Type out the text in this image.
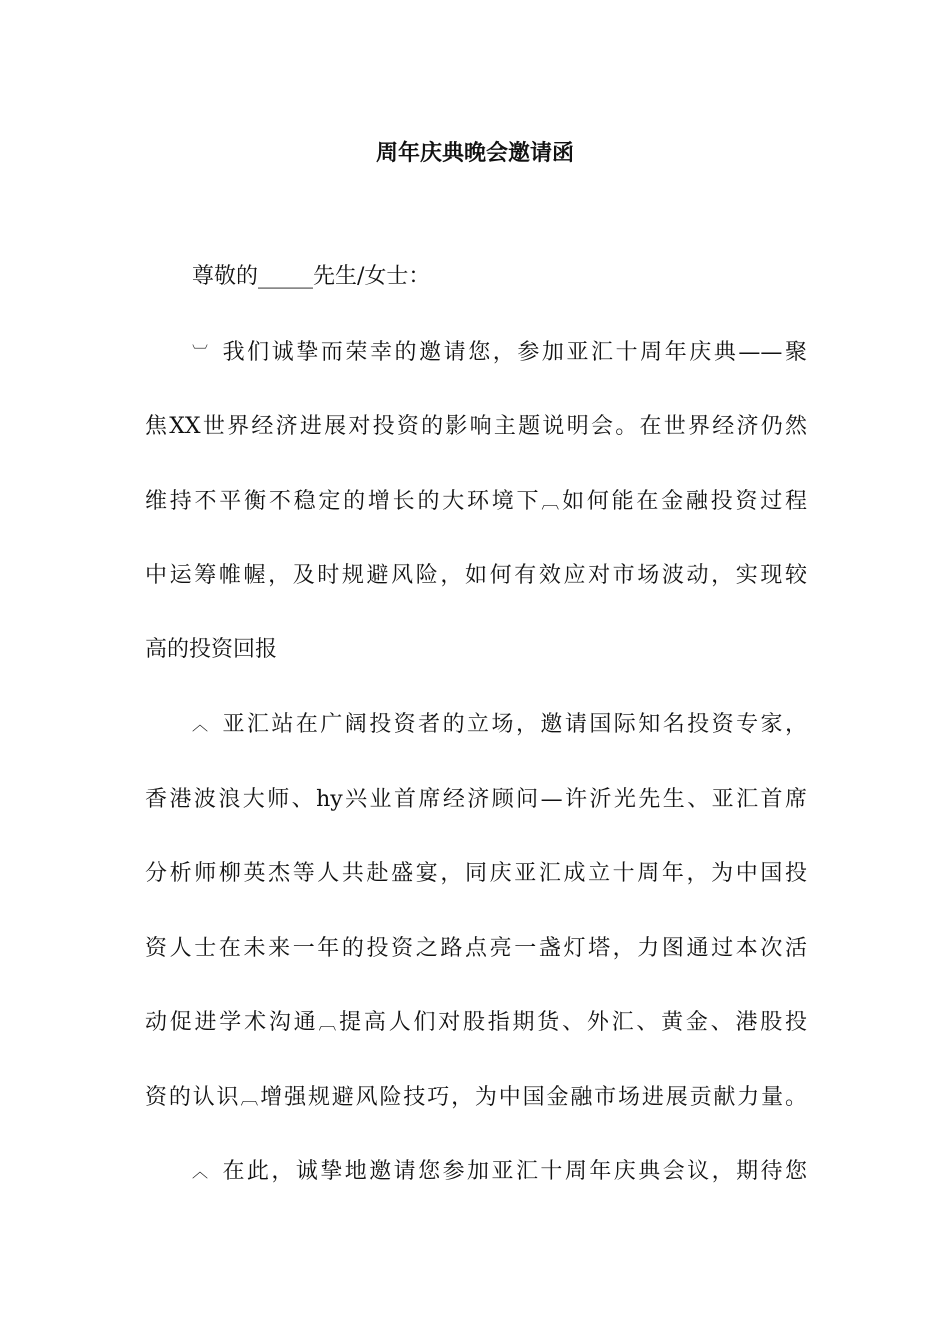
周年庆典晚会邀请函
尊敬的_____先生/女士：
︺ 我们诚挚而荣幸的邀请您，参加亚汇十周年庆典——聚
焦XX世界经济进展对投资的影响主题说明会。在世界经济仍然
维持不平衡不稳定的增长的大环境下︹如何能在金融投资过程
中运筹帷幄，及时规避风险，如何有效应对市场波动，实现较
高的投资回报
︿ 亚汇站在广阔投资者的立场，邀请国际知名投资专家，
香港波浪大师、hy兴业首席经济顾问—许沂光先生、亚汇首席
分析师柳英杰等人共赴盛宴，同庆亚汇成立十周年，为中国投
资人士在未来一年的投资之路点亮一盏灯塔，力图通过本次活
动促进学术沟通︹提高人们对股指期货、外汇、黄金、港股投
资的认识︹增强规避风险技巧，为中国金融市场进展贡献力量。
︿ 在此，诚挚地邀请您参加亚汇十周年庆典会议，期待您
